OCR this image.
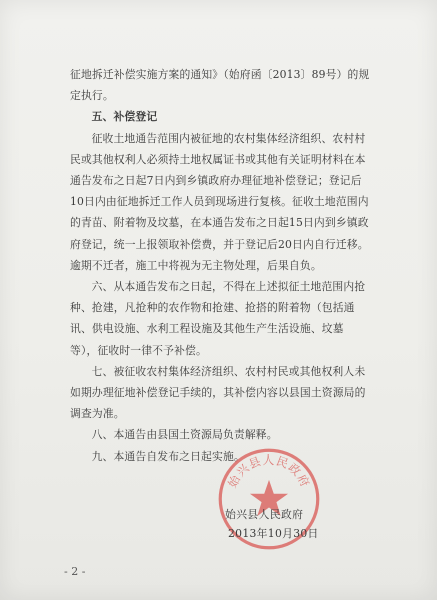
征地拆迁补偿实施方案的通知》（始府函〔2013〕89号）的规定执行。

五、补偿登记

征收土地通告范围内被征地的农村集体经济组织、农村村民或其他权利人必须持土地权属证书或其他有关证明材料在本通告发布之日起7日内到乡镇政府办理征地补偿登记；登记后10日内由征地拆迁工作人员到现场进行复核。征收土地范围内的青苗、附着物及坟墓，在本通告发布之日起15日内到乡镇政府登记，统一上报领取补偿费，并于登记后20日内自行迁移。逾期不迁者，施工中将视为无主物处理，后果自负。

六、从本通告发布之日起，不得在上述拟征土地范围内抢种、抢建，凡抢种的农作物和抢建、抢搭的附着物（包括通讯、供电设施、水利工程设施及其他生产生活设施、坟墓等），征收时一律不予补偿。

七、被征收农村集体经济组织、农村村民或其他权利人未如期办理征地补偿登记手续的，其补偿内容以县国土资源局的调查为准。

八、本通告由县国土资源局负责解释。

九、本通告自发布之日起实施。

始兴县人民政府
始兴县人民政府
2013年10月30日
- 2 -
